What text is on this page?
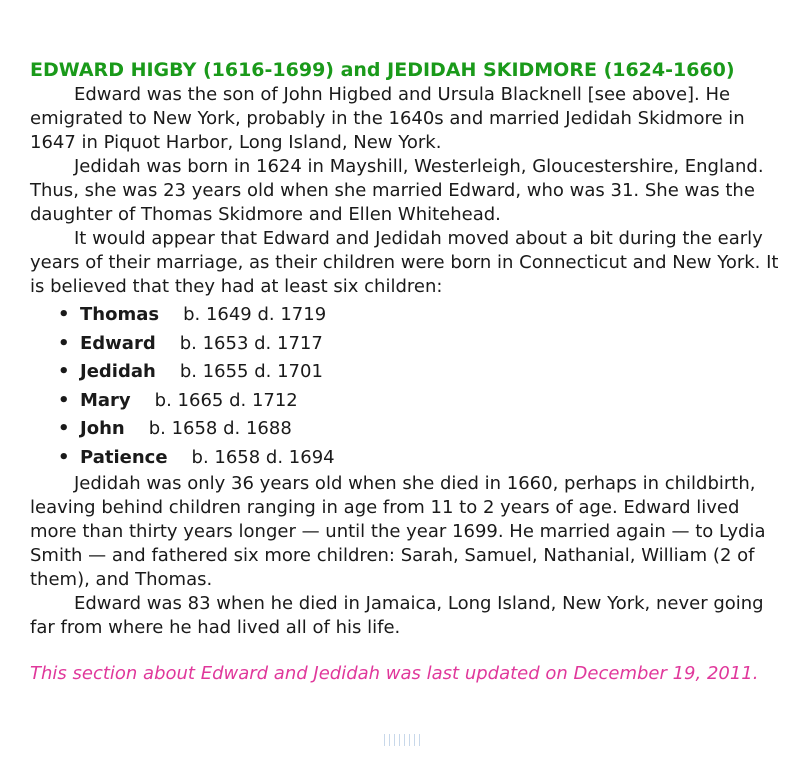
EDWARD HIGBY (1616-1699) and JEDIDAH SKIDMORE (1624-1660)

Edward was the son of John Higbed and Ursula Blacknell [see above]. He emigrated to New York, probably in the 1640s and married Jedidah Skidmore in 1647 in Piquot Harbor, Long Island, New York.

Jedidah was born in 1624 in Mayshill, Westerleigh, Gloucestershire, England. Thus, she was 23 years old when she married Edward, who was 31. She was the daughter of Thomas Skidmore and Ellen Whitehead.

It would appear that Edward and Jedidah moved about a bit during the early years of their marriage, as their children were born in Connecticut and New York. It is believed that they had at least six children:

• Thomas b. 1649 d. 1719
• Edward b. 1653 d. 1717
• Jedidah b. 1655 d. 1701
• Mary b. 1665 d. 1712
• John b. 1658 d. 1688
• Patience b. 1658 d. 1694

Jedidah was only 36 years old when she died in 1660, perhaps in childbirth, leaving behind children ranging in age from 11 to 2 years of age. Edward lived more than thirty years longer — until the year 1699. He married again — to Lydia Smith — and fathered six more children: Sarah, Samuel, Nathanial, William (2 of them), and Thomas.

Edward was 83 when he died in Jamaica, Long Island, New York, never going far from where he had lived all of his life.

This section about Edward and Jedidah was last updated on December 19, 2011.
